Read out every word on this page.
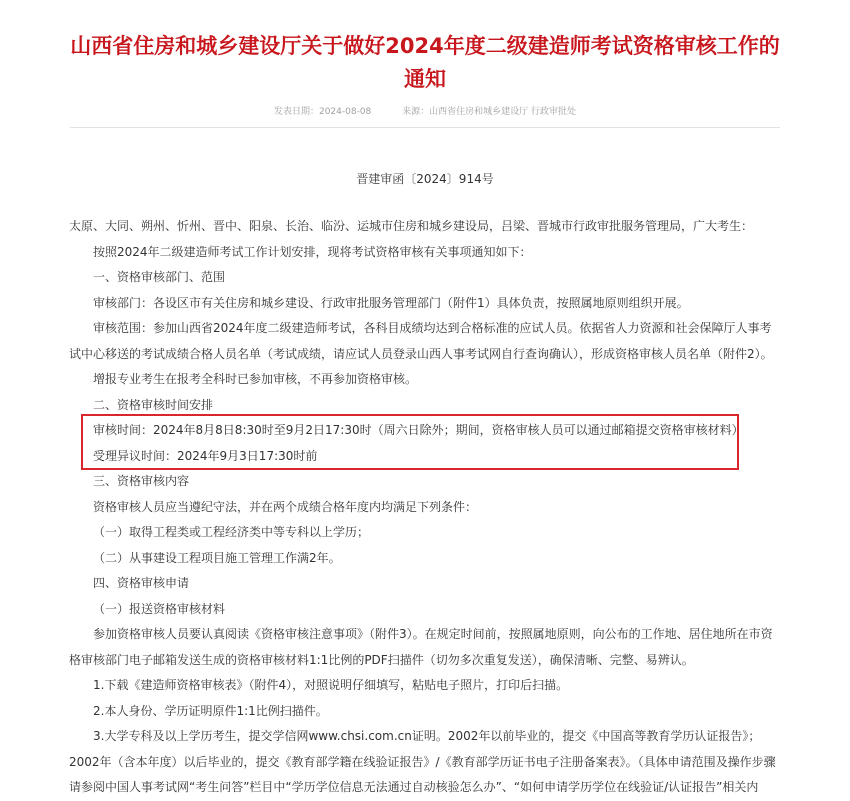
山西省住房和城乡建设厅关于做好2024年度二级建造师考试资格审核工作的通知
发表日期：2024-08-08	来源：山西省住房和城乡建设厅 行政审批处
晋建审函〔2024〕914号

太原、大同、朔州、忻州、晋中、阳泉、长治、临汾、运城市住房和城乡建设局，吕梁、晋城市行政审批服务管理局，广大考生：

按照2024年二级建造师考试工作计划安排，现将考试资格审核有关事项通知如下：

一、资格审核部门、范围

审核部门：各设区市有关住房和城乡建设、行政审批服务管理部门（附件1）具体负责，按照属地原则组织开展。

审核范围：参加山西省2024年度二级建造师考试，各科目成绩均达到合格标准的应试人员。依据省人力资源和社会保障厅人事考试中心移送的考试成绩合格人员名单（考试成绩，请应试人员登录山西人事考试网自行查询确认），形成资格审核人员名单（附件2）。

增报专业考生在报考全科时已参加审核，不再参加资格审核。

二、资格审核时间安排

审核时间：2024年8月8日8:30时至9月2日17:30时（周六日除外；期间，资格审核人员可以通过邮箱提交资格审核材料）

受理异议时间：2024年9月3日17:30时前

三、资格审核内容

资格审核人员应当遵纪守法，并在两个成绩合格年度内均满足下列条件：

（一）取得工程类或工程经济类中等专科以上学历；

（二）从事建设工程项目施工管理工作满2年。

四、资格审核申请

（一）报送资格审核材料

参加资格审核人员要认真阅读《资格审核注意事项》（附件3）。在规定时间前，按照属地原则，向公布的工作地、居住地所在市资格审核部门电子邮箱发送生成的资格审核材料1:1比例的PDF扫描件（切勿多次重复发送），确保清晰、完整、易辨认。

1.下载《建造师资格审核表》（附件4），对照说明仔细填写，粘贴电子照片，打印后扫描。

2.本人身份、学历证明原件1:1比例扫描件。

3.大学专科及以上学历考生，提交学信网www.chsi.com.cn证明。2002年以前毕业的，提交《中国高等教育学历认证报告》；2002年（含本年度）以后毕业的，提交《教育部学籍在线验证报告》/《教育部学历证书电子注册备案表》。（具体申请范围及操作步骤请参阅中国人事考试网“考生问答”栏目中“学历学位信息无法通过自动核验怎么办”、“如何申请学历学位在线验证/认证报告”相关内
